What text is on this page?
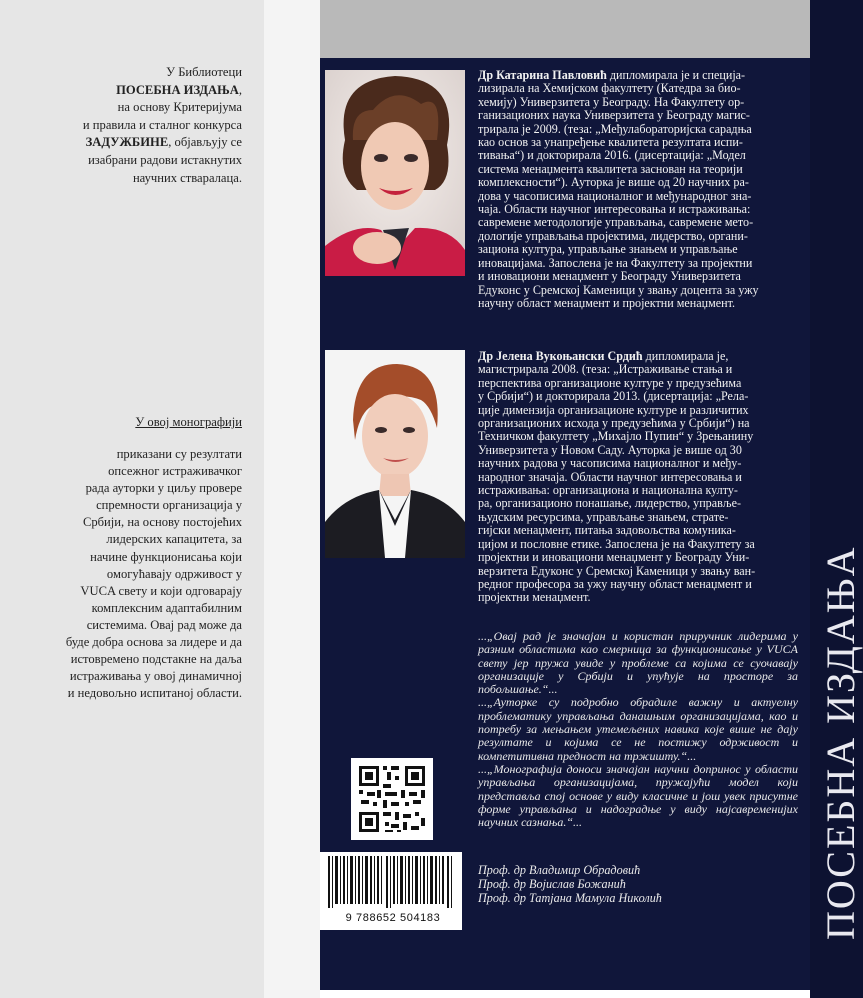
ПОСЕБНА ИЗДАЊА
У Библиотеци
ПОСЕБНА ИЗДАЊА,
на основу Критеријума
и правила и сталног конкурса
ЗАДУЖБИНЕ, објављују се
изабрани радови истакнутих
научних стваралаца.
У овој монографији
приказани су резултати
опсежног истраживачког
рада ауторки у циљу провере
спремности организација у
Србији, на основу постојећих
лидерских капацитета, за
начине функционисања који
омогућавају одрживост у
VUCA свету и који одговарају
комплексним адаптабилним
системима. Овај рад може да
буде добра основа за лидере и да
истовремено подстакне на даља
истраживања у овој динамичној
и недовољно испитаној области.
Др Катарина Павловић дипломирала је и специја-
лизирала на Хемијском факултету (Катедра за био-
хемију) Универзитета у Београду. На Факултету ор-
ганизационих наука Универзитета у Београду магис-
трирала је 2009. (теза: „Међулабораторијска сарадња
као основ за унапређење квалитета резултата испи-
тивања“) и докторирала 2016. (дисертација: „Модел
система менаџмента квалитета заснован на теорији
комплексности“). Ауторка је више од 20 научних ра-
дова у часописима националног и међународног зна-
чаја. Области научног интересовања и истраживања:
савремене методологије управљања, савремене мето-
дологије управљања пројектима, лидерство, органи-
зациона култура, управљање знањем и управљање
иновацијама. Запослена је на Факултету за пројектни
и иновациони менаџмент у Београду Универзитета
Едуконс у Сремској Каменици у звању доцента за ужу
научну област менаџмент и пројектни менаџмент.
Др Јелена Вукоњански Срдић дипломирала је,
магистрирала 2008. (теза: „Истраживање стања и
перспектива организационе културе у предузећима
у Србији“) и докторирала 2013. (дисертација: „Рела-
ције димензија организационе културе и различитих
организационих исхода у предузећима у Србији“) на
Техничком факултету „Михајло Пупин“ у Зрењанину
Универзитета у Новом Саду. Ауторка је више од 30
научних радова у часописима националног и међу-
народног значаја. Области научног интересовања и
истраживања: организациона и национална култу-
ра, организационо понашање, лидерство, управље-
њудским ресурсима, управљање знањем, страте-
гијски менаџмент, питања задовољства комуника-
цијом и пословне етике. Запослена је на Факултету за
пројектни и иновациони менаџмент у Београду Уни-
верзитета Едуконс у Сремској Каменици у звању ван-
редног професора за ужу научну област менаџмент и
пројектни менаџмент.

...„Овај рад је значајан и користан приручник лидерима у разним областима као смерница за функционисање у VUCA свету јер пружа увиде у проблеме са којима се суочавају организације у Србији и упућује на просторе за побољшање.“...

...„Ауторке су подробно обрадиле важну и актуелну проблематику управљања данашњим организацијама, као и потребу за мењањем утемељених навика које више не дају резултате и којима се не постижу одрживост и компетитивна предност на тржишту.“...

...„Монографија доноси значајан научни допринос у области управљања организацијама, пружајући модел који представља спој основе у виду класичне и још увек присутне форме управљања и надоградње у виду најсавременијих научних сазнања.“...

Проф. др Владимир Обрадовић
Проф. др Војислав Божанић
Проф. др Татјана Мамула Николић
9 788652 504183
